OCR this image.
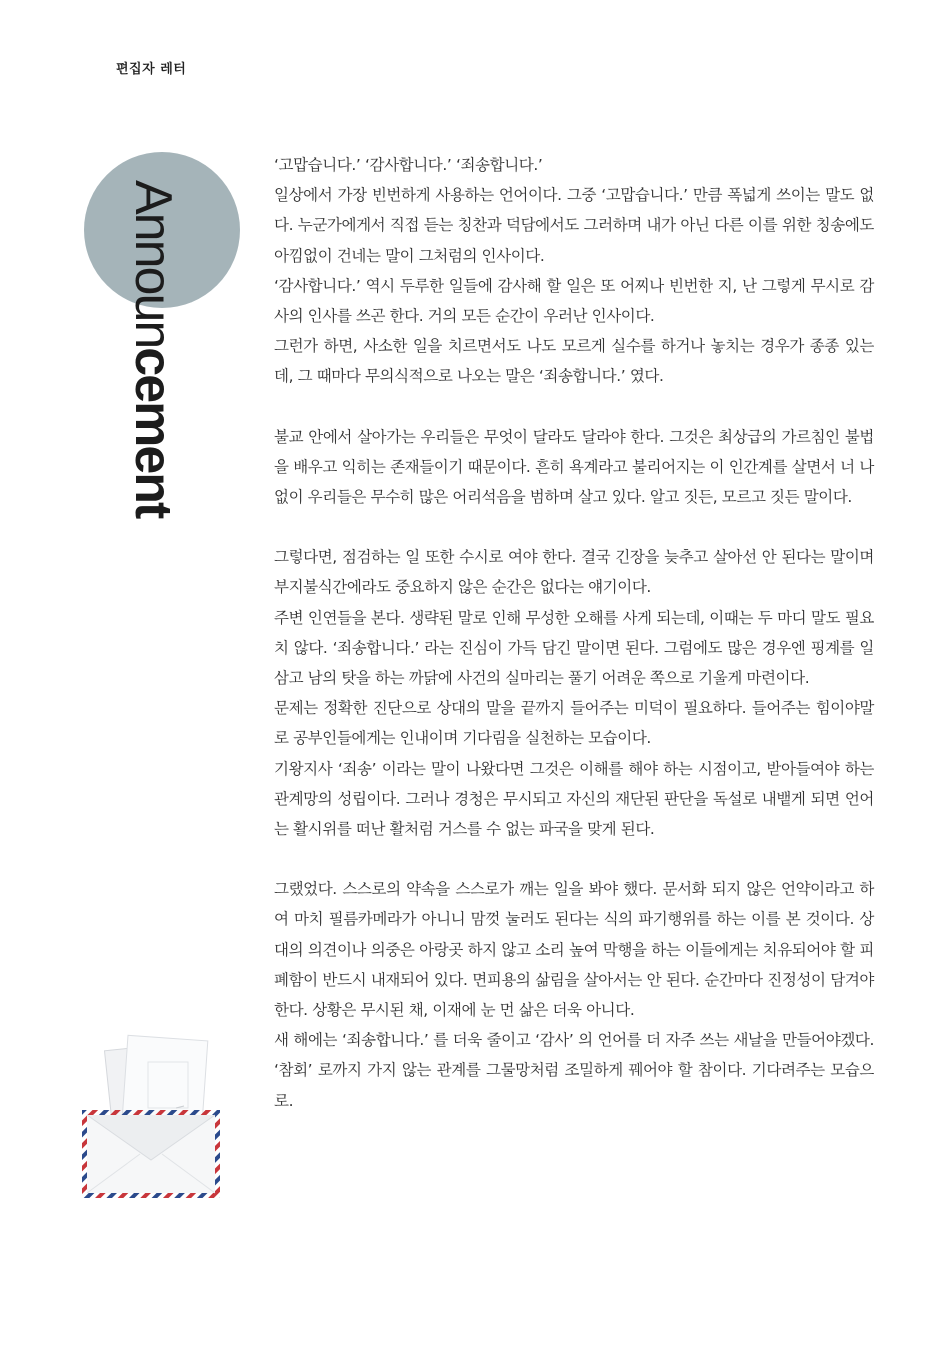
편집자 레터
Announcement

‘고맙습니다.’ ‘감사합니다.’ ‘죄송합니다.’

일상에서 가장 빈번하게 사용하는 언어이다. 그중 ‘고맙습니다.’ 만큼 폭넓게 쓰이는 말도 없다. 누군가에게서 직접 듣는 칭찬과 덕담에서도 그러하며 내가 아닌 다른 이를 위한 칭송에도 아낌없이 건네는 말이 그처럼의 인사이다.

‘감사합니다.’ 역시 두루한 일들에 감사해 할 일은 또 어찌나 빈번한 지, 난 그렇게 무시로 감사의 인사를 쓰곤 한다. 거의 모든 순간이 우러난 인사이다.

그런가 하면, 사소한 일을 치르면서도 나도 모르게 실수를 하거나 놓치는 경우가 종종 있는데, 그 때마다 무의식적으로 나오는 말은 ‘죄송합니다.’ 였다.

불교 안에서 살아가는 우리들은 무엇이 달라도 달라야 한다. 그것은 최상급의 가르침인 불법을 배우고 익히는 존재들이기 때문이다. 흔히 욕계라고 불리어지는 이 인간계를 살면서 너 나 없이 우리들은 무수히 많은 어리석음을 범하며 살고 있다. 알고 짓든, 모르고 짓든 말이다.

그렇다면, 점검하는 일 또한 수시로 여야 한다. 결국 긴장을 늦추고 살아선 안 된다는 말이며 부지불식간에라도 중요하지 않은 순간은 없다는 얘기이다.

주변 인연들을 본다. 생략된 말로 인해 무성한 오해를 사게 되는데, 이때는 두 마디 말도 필요치 않다. ‘죄송합니다.’ 라는 진심이 가득 담긴 말이면 된다. 그럼에도 많은 경우엔 핑계를 일삼고 남의 탓을 하는 까닭에 사건의 실마리는 풀기 어려운 쪽으로 기울게 마련이다.

문제는 정확한 진단으로 상대의 말을 끝까지 들어주는 미덕이 필요하다. 들어주는 힘이야말로 공부인들에게는 인내이며 기다림을 실천하는 모습이다.

기왕지사 ‘죄송’ 이라는 말이 나왔다면 그것은 이해를 해야 하는 시점이고, 받아들여야 하는 관계망의 성립이다. 그러나 경청은 무시되고 자신의 재단된 판단을 독설로 내뱉게 되면 언어는 활시위를 떠난 활처럼 거스를 수 없는 파국을 맞게 된다.

그랬었다. 스스로의 약속을 스스로가 깨는 일을 봐야 했다. 문서화 되지 않은 언약이라고 하여 마치 필름카메라가 아니니 맘껏 눌러도 된다는 식의 파기행위를 하는 이를 본 것이다. 상대의 의견이나 의중은 아랑곳 하지 않고 소리 높여 막행을 하는 이들에게는 치유되어야 할 피폐함이 반드시 내재되어 있다. 면피용의 삶림을 살아서는 안 된다. 순간마다 진정성이 담겨야 한다. 상황은 무시된 채, 이재에 눈 먼 삶은 더욱 아니다.

새 해에는 ‘죄송합니다.’ 를 더욱 줄이고 ‘감사’ 의 언어를 더 자주 쓰는 새날을 만들어야겠다. ‘참회’ 로까지 가지 않는 관계를 그물망처럼 조밀하게 꿰어야 할 참이다. 기다려주는 모습으로.
